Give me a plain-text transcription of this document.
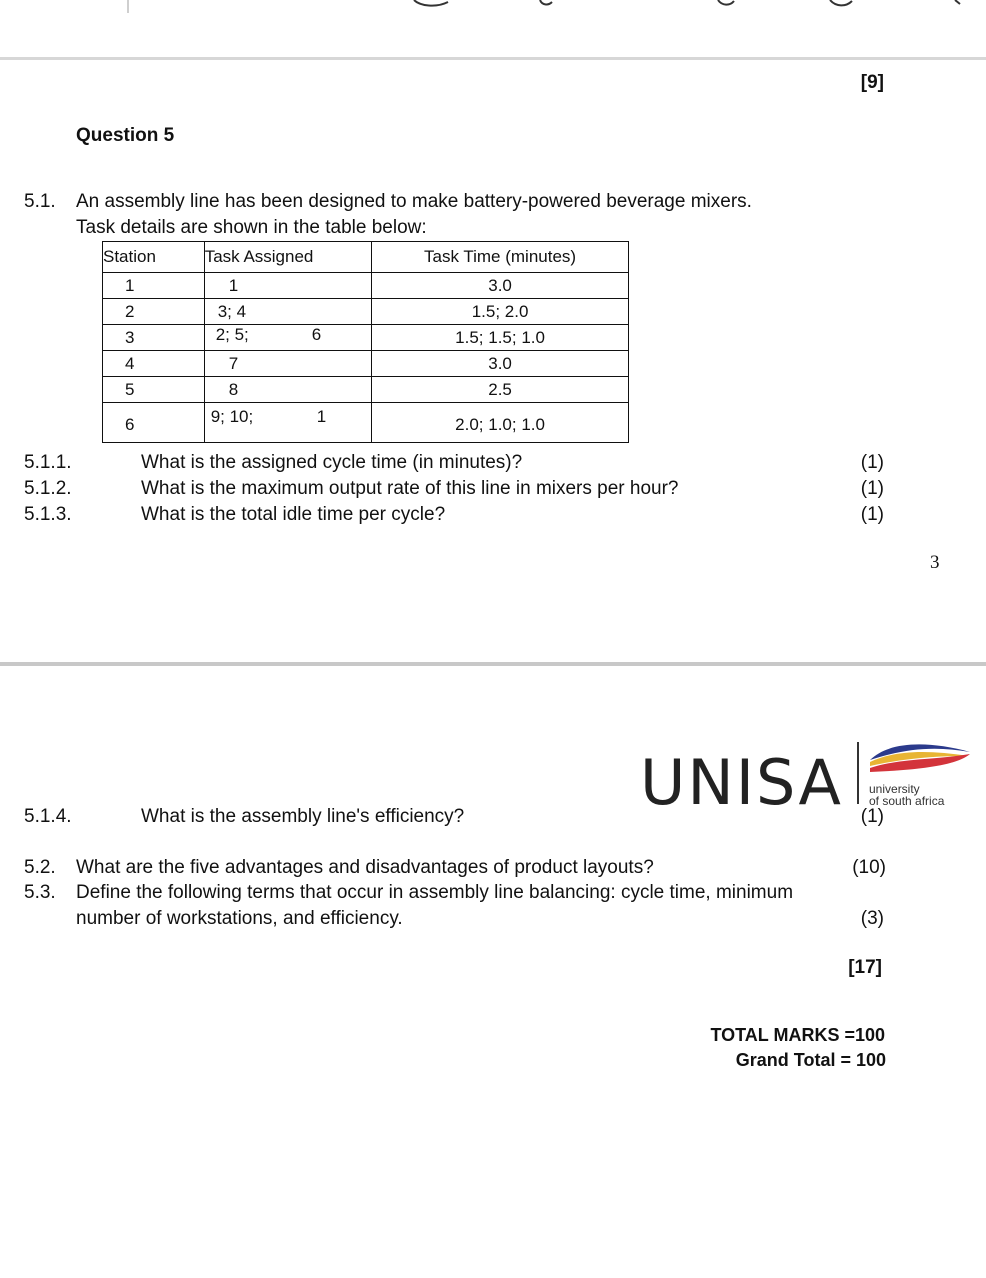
[9]
Question 5
5.1. An assembly line has been designed to make battery-powered beverage mixers.
Task details are shown in the table below:
Station	Task Assigned	Task Time (minutes)
1	1	3.0
2	3; 4	1.5; 2.0
3	2; 5; 6	1.5; 1.5; 1.0
4	7	3.0
5	8	2.5
6	9; 10; 1	2.0; 1.0; 1.0
5.1.1.	What is the assigned cycle time (in minutes)?	(1)
5.1.2.	What is the maximum output rate of this line in mixers per hour?	(1)
5.1.3.	What is the total idle time per cycle?	(1)
3
UNISA university
of south africa
5.1.4.	What is the assembly line's efficiency?	(1)
5.2. What are the five advantages and disadvantages of product layouts?	(10)
5.3. Define the following terms that occur in assembly line balancing: cycle time, minimum
number of workstations, and efficiency.	(3)
[17]
TOTAL MARKS =100
Grand Total = 100
